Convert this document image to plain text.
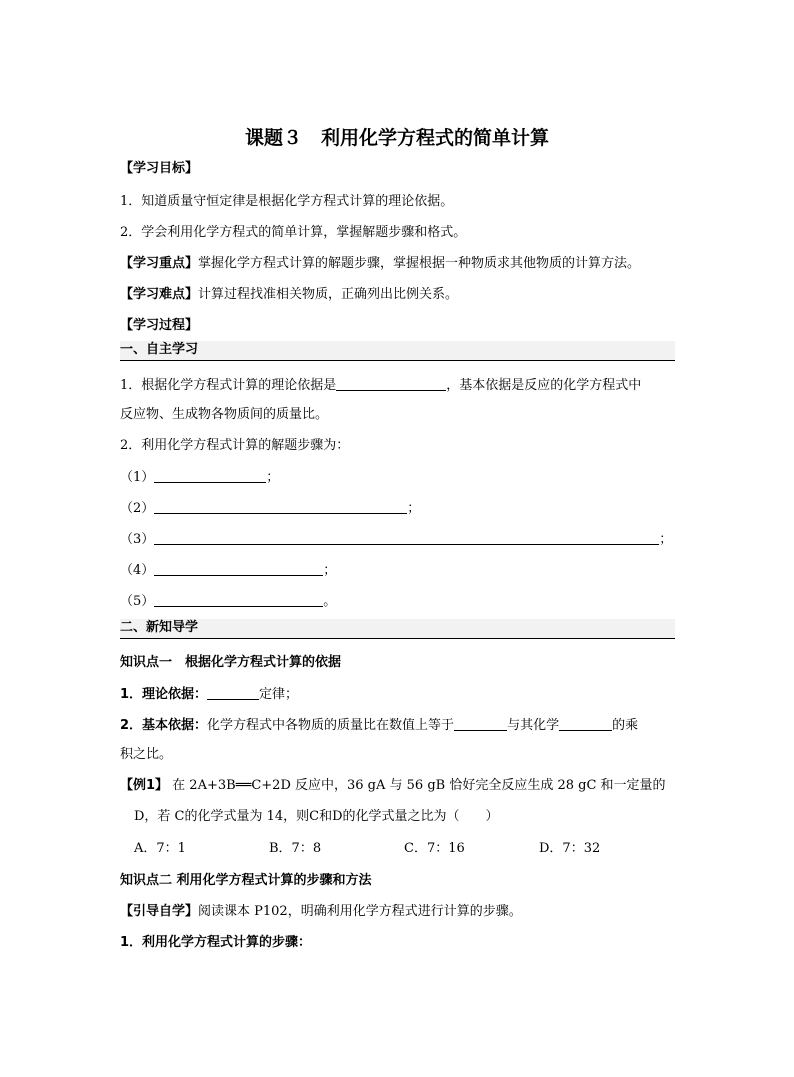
课题３　利用化学方程式的简单计算
【学习目标】
1．知道质量守恒定律是根据化学方程式计算的理论依据。
2．学会利用化学方程式的简单计算，掌握解题步骤和格式。
【学习重点】掌握化学方程式计算的解题步骤，掌握根据一种物质求其他物质的计算方法。
【学习难点】计算过程找准相关物质，正确列出比例关系。
【学习过程】
一、自主学习
1．根据化学方程式计算的理论依据是	，基本依据是反应的化学方程式中
反应物、生成物各物质间的质量比。
2．利用化学方程式计算的解题步骤为：
（1）	；
（2）	；
（3）	；
（4）	；
（5）	。
二、新知导学
知识点一　根据化学方程式计算的依据
1．理论依据：	定律；
2．基本依据：化学方程式中各物质的质量比在数值上等于	与其化学	的乘
积之比。
【例1】 在 2A+3B══C+2D 反应中，36 gA 与 56 gB 恰好完全反应生成 28 gC 和一定量的
D，若 C的化学式量为 14，则C和D的化学式量之比为（　　）
A．7：1	B．7：8	C．7：16	D．7：32
知识点二 利用化学方程式计算的步骤和方法
【引导自学】阅读课本 P102，明确利用化学方程式进行计算的步骤。
1．利用化学方程式计算的步骤：
